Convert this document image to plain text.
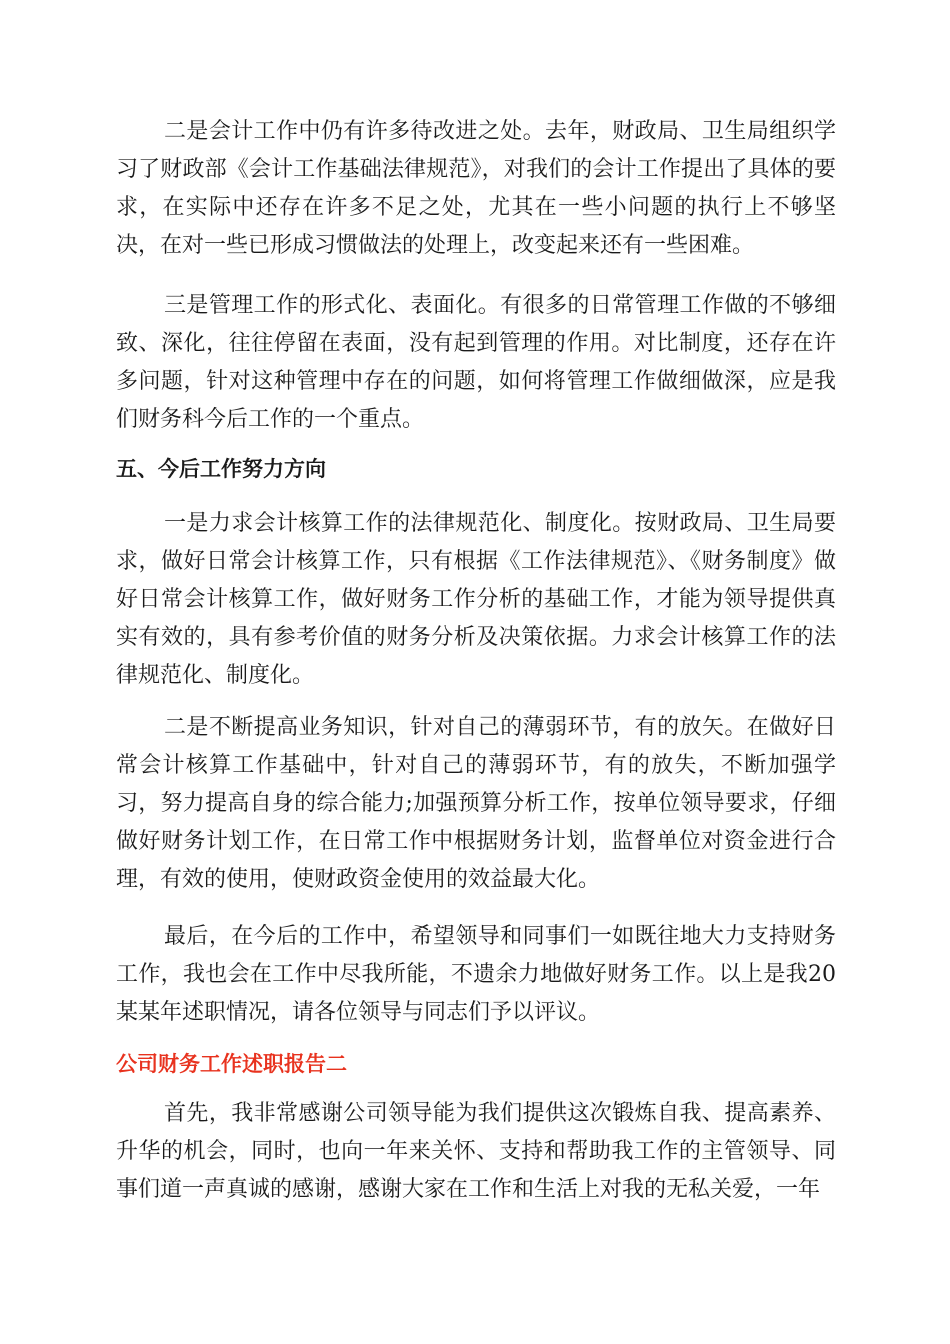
二是会计工作中仍有许多待改进之处。去年，财政局、卫生局组织学习了财政部《会计工作基础法律规范》，对我们的会计工作提出了具体的要求，在实际中还存在许多不足之处，尤其在一些小问题的执行上不够坚决，在对一些已形成习惯做法的处理上，改变起来还有一些困难。

三是管理工作的形式化、表面化。有很多的日常管理工作做的不够细致、深化，往往停留在表面，没有起到管理的作用。对比制度，还存在许多问题，针对这种管理中存在的问题，如何将管理工作做细做深，应是我们财务科今后工作的一个重点。

五、今后工作努力方向

一是力求会计核算工作的法律规范化、制度化。按财政局、卫生局要求，做好日常会计核算工作，只有根据《工作法律规范》、《财务制度》做好日常会计核算工作，做好财务工作分析的基础工作，才能为领导提供真实有效的，具有参考价值的财务分析及决策依据。力求会计核算工作的法律规范化、制度化。

二是不断提高业务知识，针对自己的薄弱环节，有的放矢。在做好日常会计核算工作基础中，针对自己的薄弱环节，有的放失，不断加强学习，努力提高自身的综合能力;加强预算分析工作，按单位领导要求，仔细做好财务计划工作，在日常工作中根据财务计划，监督单位对资金进行合理，有效的使用，使财政资金使用的效益最大化。

最后，在今后的工作中，希望领导和同事们一如既往地大力支持财务工作，我也会在工作中尽我所能，不遗余力地做好财务工作。以上是我20某某年述职情况，请各位领导与同志们予以评议。

公司财务工作述职报告二

首先，我非常感谢公司领导能为我们提供这次锻炼自我、提高素养、升华的机会，同时，也向一年来关怀、支持和帮助我工作的主管领导、同事们道一声真诚的感谢，感谢大家在工作和生活上对我的无私关爱，一年
